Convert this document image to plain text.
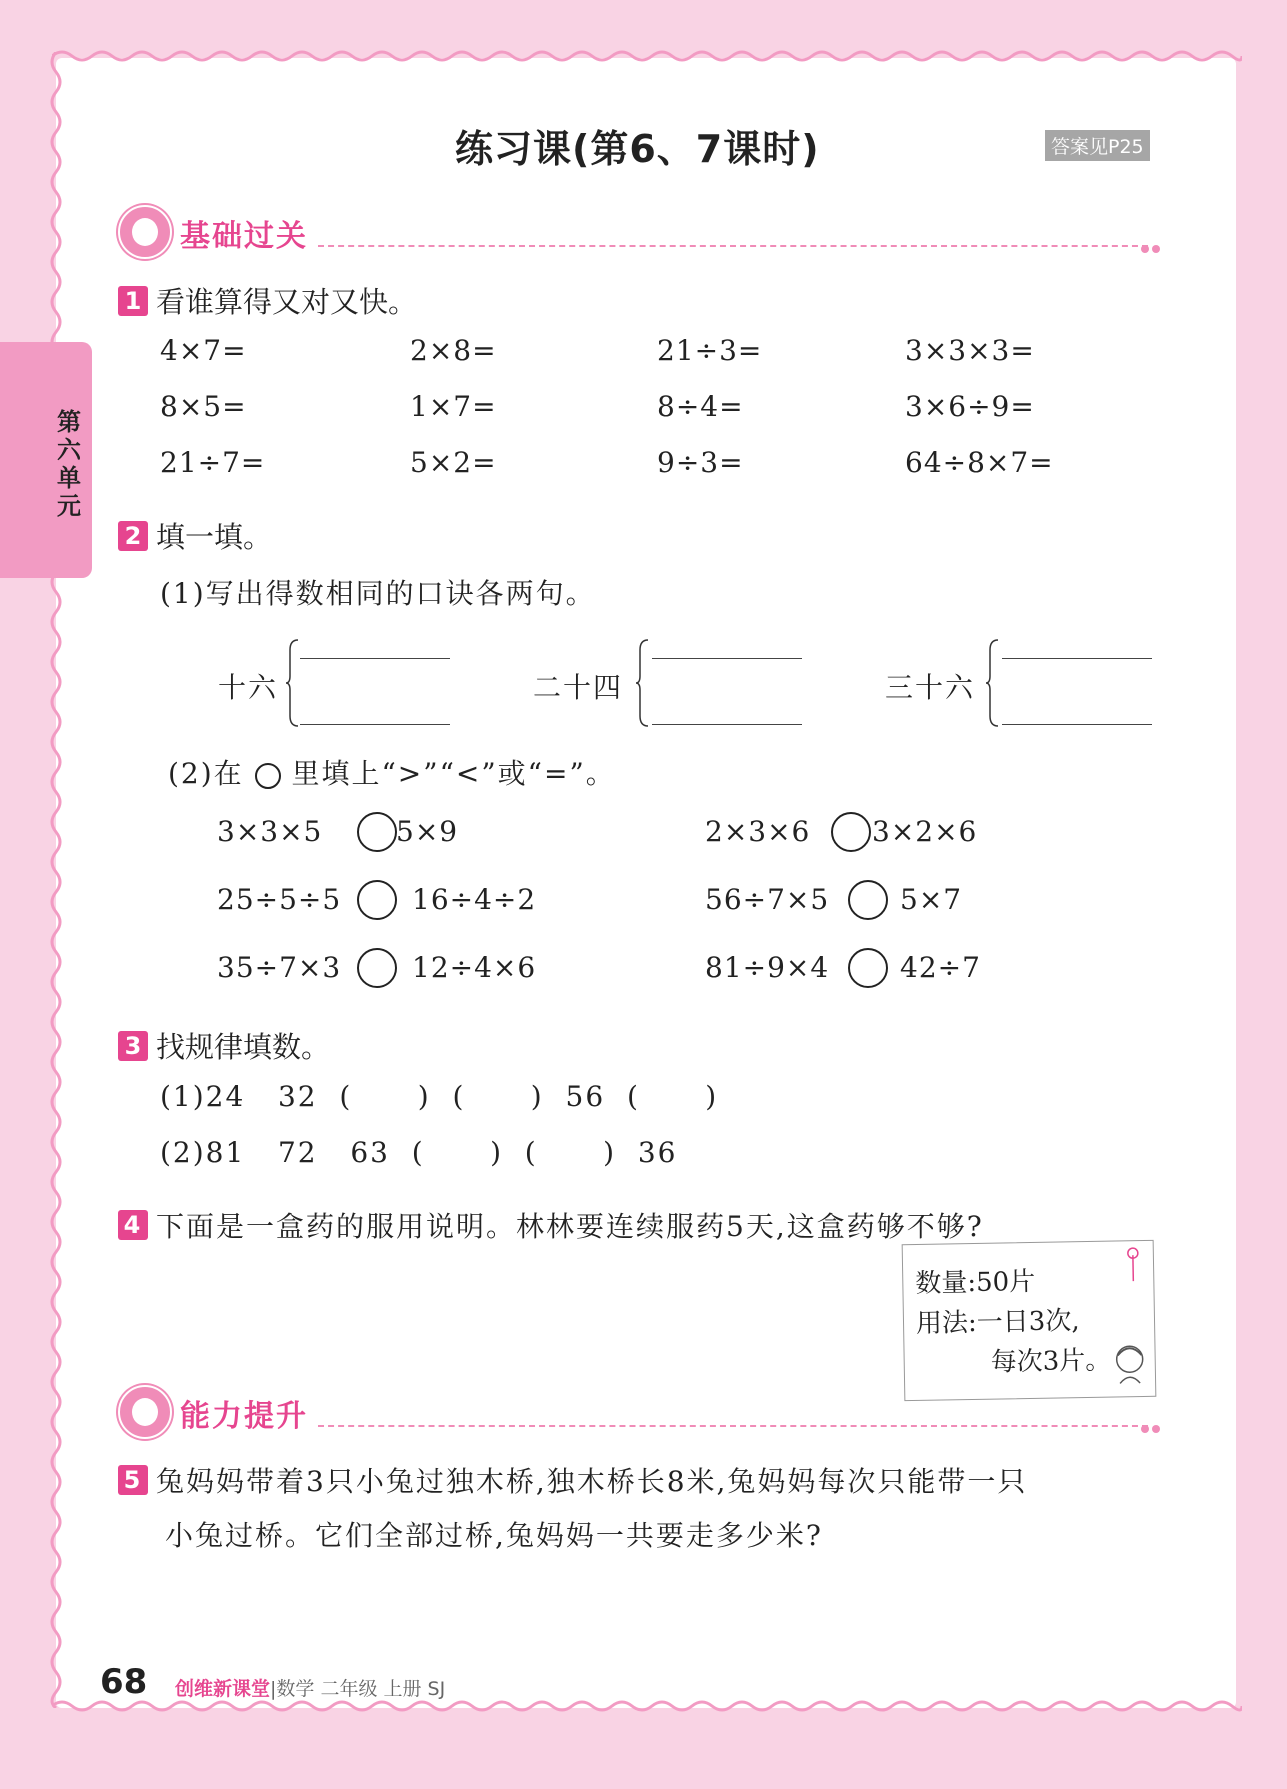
第六单元
练习课(第6、7课时)	答案见P25
基础过关
1 看谁算得又对又快。
4×7=	2×8=	21÷3=	3×3×3=
8×5=	1×7=	8÷4=	3×6÷9=
21÷7=	5×2=	9÷3=	64÷8×7=
2 填一填。
(1)写出得数相同的口诀各两句。
十六	二十四	三十六
(2)在 里填上“>”“<”或“=”。
3×3×5	5×9	2×3×6 3×2×6
25÷5÷5	16÷4÷2	56÷7×5	5×7
35÷7×3	12÷4×6	81÷9×4	42÷7
3 找规律填数。
(1)24   32  (      )  (      )  56  (      )
(2)81   72   63  (      )  (      )  36
4 下面是一盒药的服用说明。林林要连续服药5天,这盒药够不够?
数量:50片
用法:一日3次,
每次3片。
能力提升
5 兔妈妈带着3只小兔过独木桥,独木桥长8米,兔妈妈每次只能带一只
小兔过桥。它们全部过桥,兔妈妈一共要走多少米?
68 创维新课堂|数学 二年级 上册 SJ
